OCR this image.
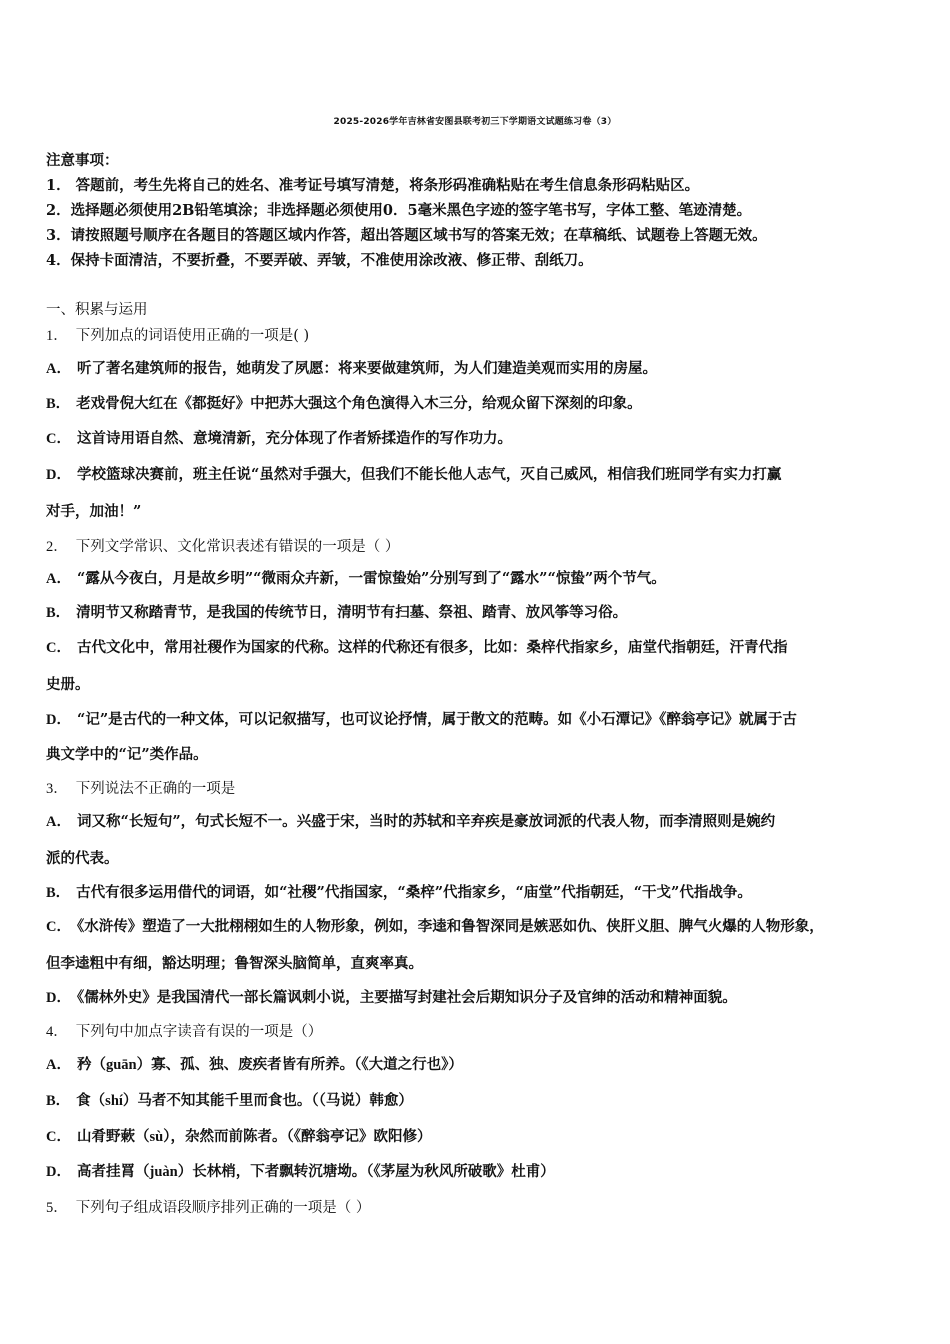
2025-2026学年吉林省安图县联考初三下学期语文试题练习卷（3）
注意事项：
1． 答题前，考生先将自己的姓名、准考证号填写清楚，将条形码准确粘贴在考生信息条形码粘贴区。
2．选择题必须使用2B铅笔填涂；非选择题必须使用0．5毫米黑色字迹的签字笔书写，字体工整、笔迹清楚。
3．请按照题号顺序在各题目的答题区域内作答，超出答题区域书写的答案无效；在草稿纸、试题卷上答题无效。
4．保持卡面清洁，不要折叠，不要弄破、弄皱，不准使用涂改液、修正带、刮纸刀。
一、积累与运用
1． 下列加点的词语使用正确的一项是( )
A． 听了著名建筑师的报告，她萌发了夙愿：将来要做建筑师，为人们建造美观而实用的房屋。
B． 老戏骨倪大红在《都挺好》中把苏大强这个角色演得入木三分，给观众留下深刻的印象。
C． 这首诗用语自然、意境清新，充分体现了作者矫揉造作的写作功力。
D． 学校篮球决赛前，班主任说“虽然对手强大，但我们不能长他人志气，灭自己威风，相信我们班同学有实力打赢
对手，加油！”
2． 下列文学常识、文化常识表述有错误的一项是（ ）
A． “露从今夜白，月是故乡明”“微雨众卉新，一雷惊蛰始”分别写到了“露水”“惊蛰”两个节气。
B． 清明节又称踏青节，是我国的传统节日，清明节有扫墓、祭祖、踏青、放风筝等习俗。
C． 古代文化中，常用社稷作为国家的代称。这样的代称还有很多，比如：桑梓代指家乡，庙堂代指朝廷，汗青代指
史册。
D． “记”是古代的一种文体，可以记叙描写，也可议论抒情，属于散文的范畴。如《小石潭记》《醉翁亭记》就属于古
典文学中的“记”类作品。
3． 下列说法不正确的一项是
A． 词又称“长短句”，句式长短不一。兴盛于宋，当时的苏轼和辛弃疾是豪放词派的代表人物，而李清照则是婉约
派的代表。
B． 古代有很多运用借代的词语，如“社稷”代指国家，“桑梓”代指家乡，“庙堂”代指朝廷，“干戈”代指战争。
C． 《水浒传》塑造了一大批栩栩如生的人物形象，例如，李逵和鲁智深同是嫉恶如仇、侠肝义胆、脾气火爆的人物形象，
但李逵粗中有细，豁达明理；鲁智深头脑简单，直爽率真。
D． 《儒林外史》是我国清代一部长篇讽刺小说，主要描写封建社会后期知识分子及官绅的活动和精神面貌。
4． 下列句中加点字读音有误的一项是（）
A． 矜（guān）寡、孤、独、废疾者皆有所养。（《大道之行也》）
B． 食（shí）马者不知其能千里而食也。（（马说）韩愈）
C． 山肴野蔌（sù），杂然而前陈者。（《醉翁亭记》欧阳修）
D． 高者挂罥（juàn）长林梢，下者飘转沉塘坳。（《茅屋为秋风所破歌》杜甫）
5． 下列句子组成语段顺序排列正确的一项是（ ）
